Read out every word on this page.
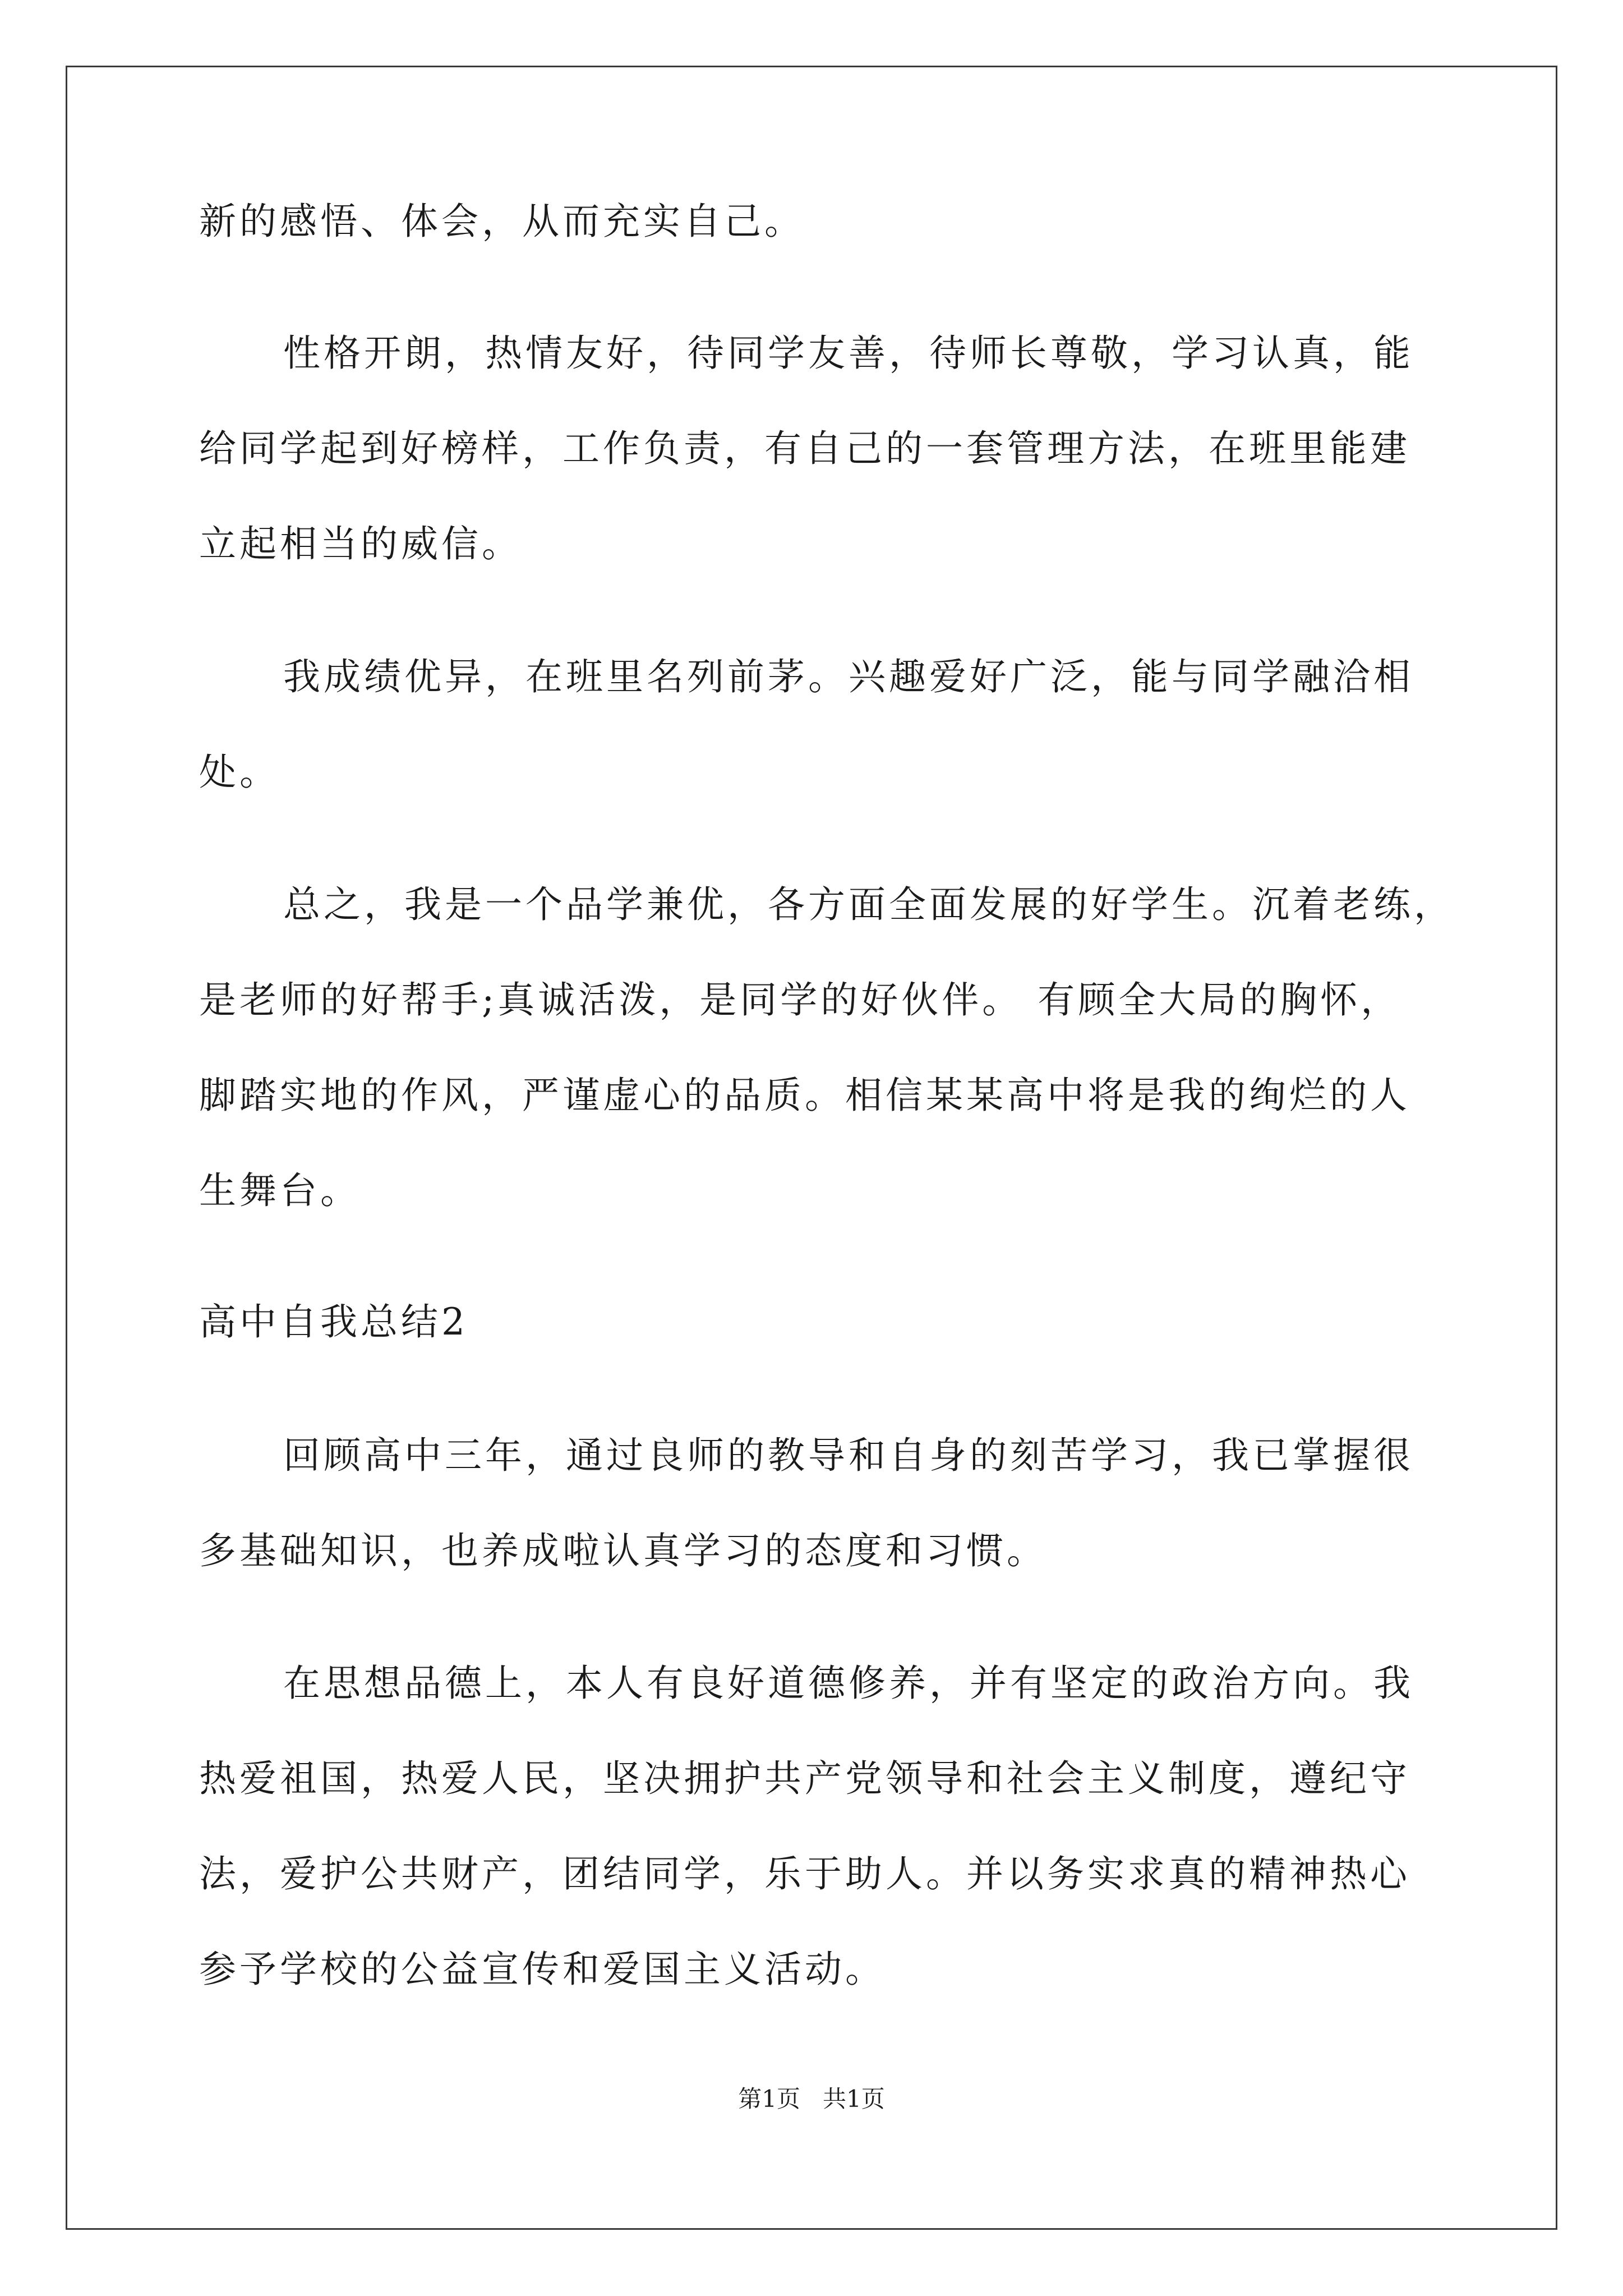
新的感悟、体会，从而充实自己。
性格开朗，热情友好，待同学友善，待师长尊敬，学习认真，能
给同学起到好榜样，工作负责，有自己的一套管理方法，在班里能建
立起相当的威信。
我成绩优异，在班里名列前茅。兴趣爱好广泛，能与同学融洽相
处。
总之，我是一个品学兼优，各方面全面发展的好学生。沉着老练，
是老师的好帮手;真诚活泼，是同学的好伙伴。 有顾全大局的胸怀，
脚踏实地的作风，严谨虚心的品质。相信某某高中将是我的绚烂的人
生舞台。
高中自我总结2
回顾高中三年，通过良师的教导和自身的刻苦学习，我已掌握很
多基础知识，也养成啦认真学习的态度和习惯。
在思想品德上，本人有良好道德修养，并有坚定的政治方向。我
热爱祖国，热爱人民，坚决拥护共产党领导和社会主义制度，遵纪守
法，爱护公共财产，团结同学，乐于助人。并以务实求真的精神热心
参予学校的公益宣传和爱国主义活动。
第1页   共1页
